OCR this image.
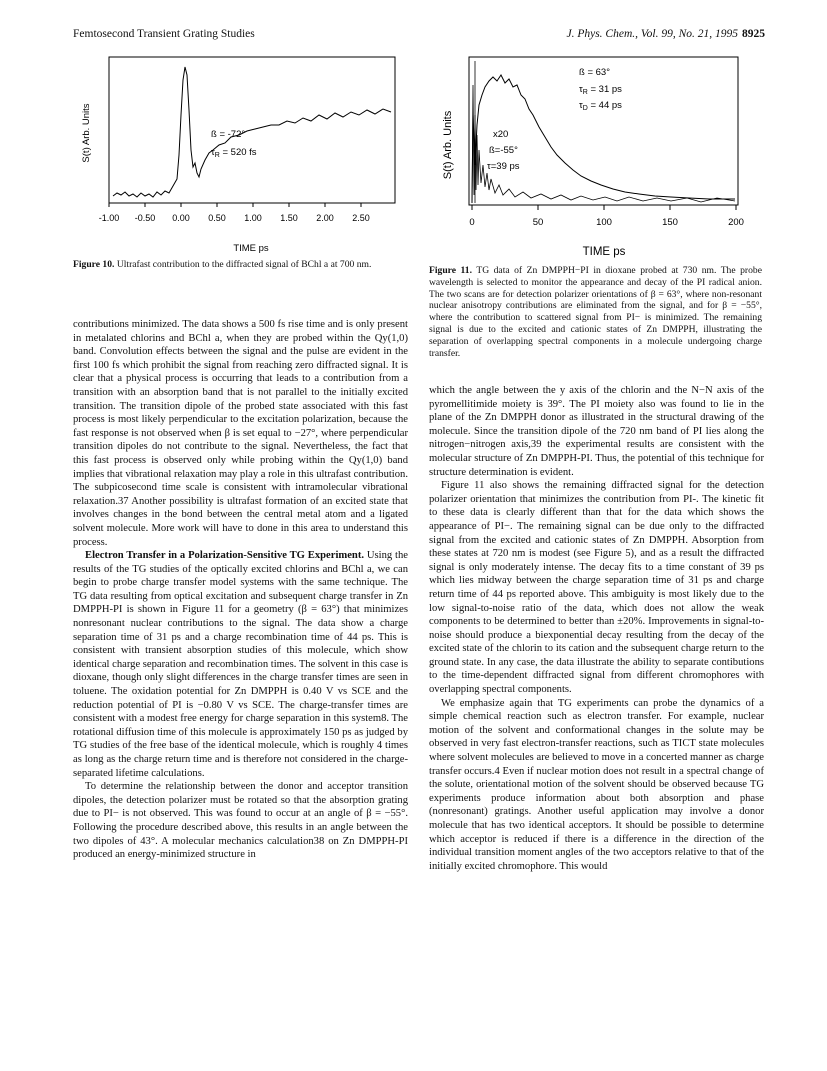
Femtosecond Transient Grating Studies	J. Phys. Chem., Vol. 99, No. 21, 1995 8925
ß = -72°
$\tau_R = 520$ fs
S(t) Arb. Units
-1.00 -0.50 0.00 0.50 1.00 1.50 2.00 2.50
TIME ps
Figure 10. Ultrafast contribution to the diffracted signal of BChl a at 700 nm.
ß = 63°
$\tau_R = 31$ ps
$\tau_D = 44$ ps
x20
ß=-55°
τ=39 ps
S(t) Arb. Units
0	50	100	150	200
TIME ps
Figure 11. TG data of Zn DMPPH−PI in dioxane probed at 730 nm. The probe wavelength is selected to monitor the appearance and decay of the PI radical anion. The two scans are for detection polarizer orientations of β = 63°, where non-resonant nuclear anisotropy contributions are eliminated from the signal, and for β = −55°, where the contribution to scattered signal from PI− is minimized. The remaining signal is due to the excited and cationic states of Zn DMPPH, illustrating the separation of overlapping spectral components in a molecule undergoing charge transfer.

contributions minimized. The data shows a 500 fs rise time and is only present in metalated chlorins and BChl a, when they are probed within the Qy(1,0) band. Convolution effects between the signal and the pulse are evident in the first 100 fs which prohibit the signal from reaching zero diffracted signal. It is clear that a physical process is occurring that leads to a contribution from a transition with an absorption band that is not parallel to the initially excited transition. The transition dipole of the probed state associated with this fast process is most likely perpendicular to the excitation polarization, because the fast response is not observed when β is set equal to −27°, where perpendicular transition dipoles do not contribute to the signal. Nevertheless, the fact that this fast process is observed only while probing within the Qy(1,0) band implies that vibrational relaxation may play a role in this ultrafast contribution. The subpicosecond time scale is consistent with intramolecular vibrational relaxation.37 Another possibility is ultrafast formation of an excited state that involves changes in the bond between the central metal atom and a ligated solvent molecule. More work will have to done in this area to understand this process.

Electron Transfer in a Polarization-Sensitive TG Experiment. Using the results of the TG studies of the optically excited chlorins and BChl a, we can begin to probe charge transfer model systems with the same technique. The TG data resulting from optical excitation and subsequent charge transfer in Zn DMPPH-PI is shown in Figure 11 for a geometry (β = 63°) that minimizes nonresonant nuclear contributions to the signal. The data show a charge separation time of 31 ps and a charge recombination time of 44 ps. This is consistent with transient absorption studies of this molecule, which show identical charge separation and recombination times. The solvent in this case is dioxane, though only slight differences in the charge transfer times are seen in toluene. The oxidation potential for Zn DMPPH is 0.40 V vs SCE and the reduction potential of PI is −0.80 V vs SCE. The charge-transfer times are consistent with a modest free energy for charge separation in this system8. The rotational diffusion time of this molecule is approximately 150 ps as judged by TG studies of the free base of the identical molecule, which is roughly 4 times as long as the charge return time and is therefore not considered in the charge-separated lifetime calculations.

To determine the relationship between the donor and acceptor transition dipoles, the detection polarizer must be rotated so that the absorption grating due to PI− is not observed. This was found to occur at an angle of β = −55°. Following the procedure described above, this results in an angle between the two dipoles of 43°. A molecular mechanics calculation38 on Zn DMPPH-PI produced an energy-minimized structure in

which the angle between the y axis of the chlorin and the N−N axis of the pyromellitimide moiety is 39°. The PI moiety also was found to lie in the plane of the Zn DMPPH donor as illustrated in the structural drawing of the molecule. Since the transition dipole of the 720 nm band of PI lies along the nitrogen−nitrogen axis,39 the experimental results are consistent with the molecular structure of Zn DMPPH-PI. Thus, the potential of this technique for structure determination is evident.

Figure 11 also shows the remaining diffracted signal for the detection polarizer orientation that minimizes the contribution from PI-. The kinetic fit to these data is clearly different than that for the data which shows the appearance of PI−. The remaining signal can be due only to the diffracted signal from the excited and cationic states of Zn DMPPH. Absorption from these states at 720 nm is modest (see Figure 5), and as a result the diffracted signal is only moderately intense. The decay fits to a time constant of 39 ps which lies midway between the charge separation time of 31 ps and charge return time of 44 ps reported above. This ambiguity is most likely due to the low signal-to-noise ratio of the data, which does not allow the weak components to be determined to better than ±20%. Improvements in signal-to-noise should produce a biexponential decay resulting from the decay of the excited state of the chlorin to its cation and the subsequent charge return to the ground state. In any case, the data illustrate the ability to separate contibutions to the time-dependent diffracted signal from different chromophores with overlapping spectral components.

We emphasize again that TG experiments can probe the dynamics of a simple chemical reaction such as electron transfer. For example, nuclear motion of the solvent and conformational changes in the solute may be observed in very fast electron-transfer reactions, such as TICT state molecules where solvent molecules are believed to move in a concerted manner as charge transfer occurs.4 Even if nuclear motion does not result in a spectral change of the solute, orientational motion of the solvent should be observed because TG experiments produce information about both absorption and phase (nonresonant) gratings. Another useful application may involve a donor molecule that has two identical acceptors. It should be possible to determine which acceptor is reduced if there is a difference in the direction of the individual transition moment angles of the two acceptors relative to that of the initially excited chromophore. This would
